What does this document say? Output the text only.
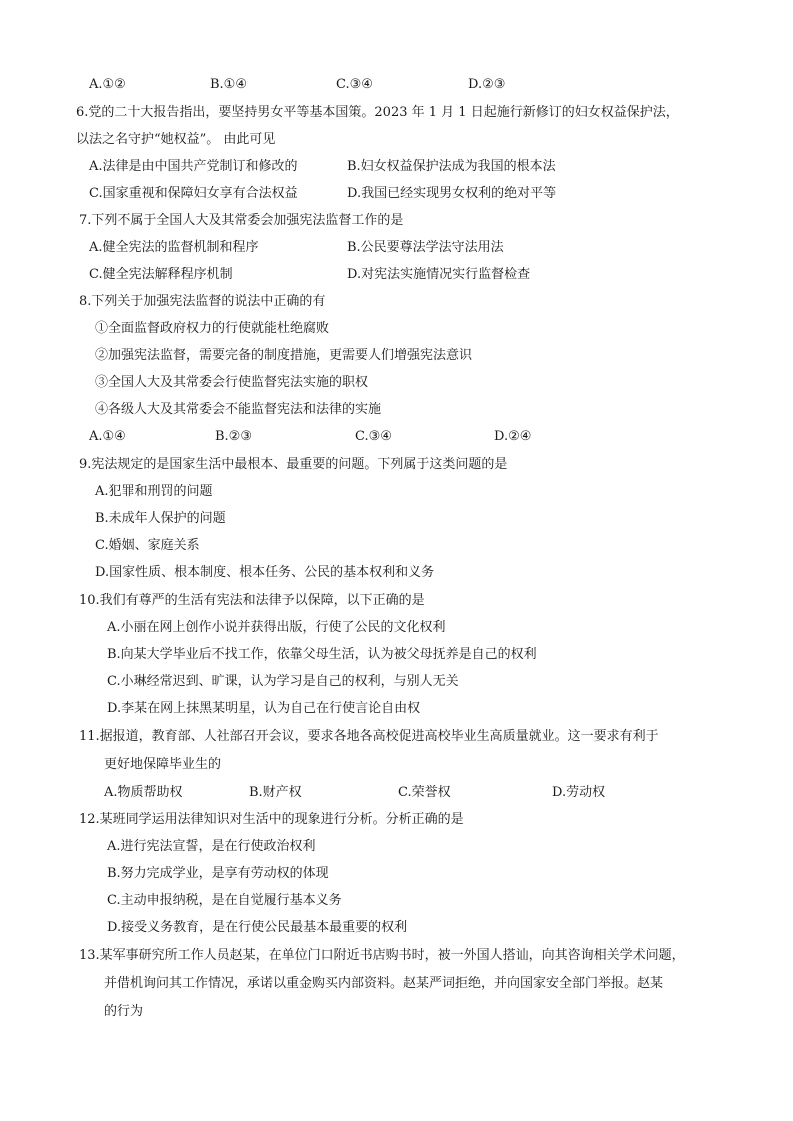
A.①②	B.①④	C.③④	D.②③
6.党的二十大报告指出，要坚持男女平等基本国策。2023 年 1 月 1 日起施行新修订的妇女权益保护法，
以法之名守护“她权益”。 由此可见
A.法律是由中国共产党制订和修改的	B.妇女权益保护法成为我国的根本法
C.国家重视和保障妇女享有合法权益	D.我国已经实现男女权利的绝对平等
7.下列不属于全国人大及其常委会加强宪法监督工作的是
A.健全宪法的监督机制和程序	B.公民要尊法学法守法用法
C.健全宪法解释程序机制	D.对宪法实施情况实行监督检查
8.下列关于加强宪法监督的说法中正确的有
①全面监督政府权力的行使就能杜绝腐败
②加强宪法监督，需要完备的制度措施，更需要人们增强宪法意识
③全国人大及其常委会行使监督宪法实施的职权
④各级人大及其常委会不能监督宪法和法律的实施
A.①④	B.②③	C.③④	D.②④
9.宪法规定的是国家生活中最根本、最重要的问题。下列属于这类问题的是
A.犯罪和刑罚的问题
B.未成年人保护的问题
C.婚姻、家庭关系
D.国家性质、根本制度、根本任务、公民的基本权利和义务
10.我们有尊严的生活有宪法和法律予以保障，以下正确的是
A.小丽在网上创作小说并获得出版，行使了公民的文化权利
B.向某大学毕业后不找工作，依靠父母生活，认为被父母抚养是自己的权利
C.小琳经常迟到、旷课，认为学习是自己的权利，与别人无关
D.李某在网上抹黑某明星，认为自己在行使言论自由权
11.据报道，教育部、人社部召开会议，要求各地各高校促进高校毕业生高质量就业。这一要求有利于
更好地保障毕业生的
A.物质帮助权	B.财产权	C.荣誉权	D.劳动权
12.某班同学运用法律知识对生活中的现象进行分析。分析正确的是
A.进行宪法宣誓，是在行使政治权利
B.努力完成学业，是享有劳动权的体现
C.主动申报纳税，是在自觉履行基本义务
D.接受义务教育，是在行使公民最基本最重要的权利
13.某军事研究所工作人员赵某，在单位门口附近书店购书时，被一外国人搭讪，向其咨询相关学术问题，
并借机询问其工作情况，承诺以重金购买内部资料。赵某严词拒绝，并向国家安全部门举报。赵某
的行为
